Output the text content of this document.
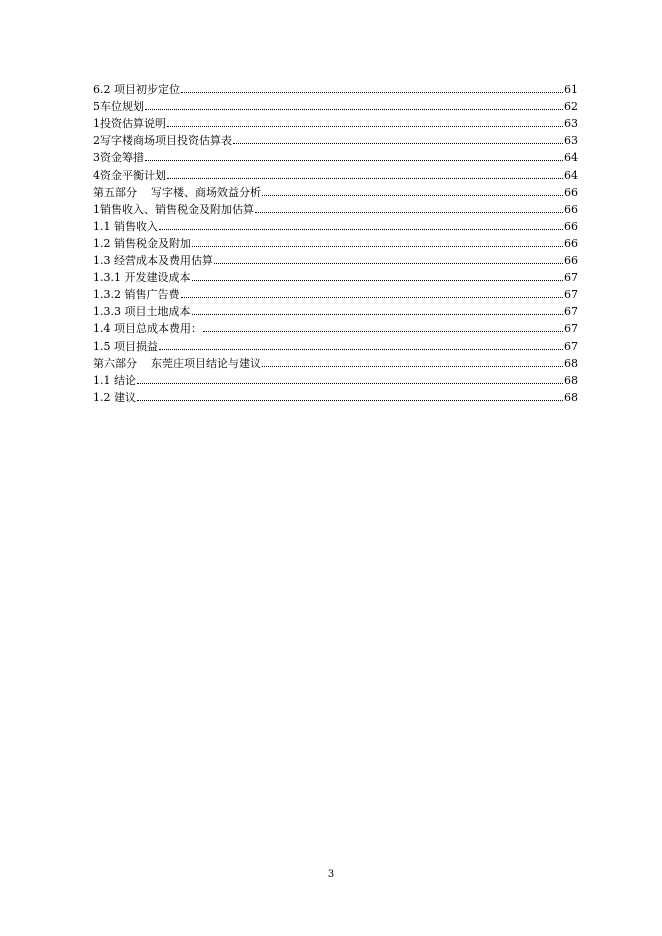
6.2 项目初步定位	61
5车位规划	62
1投资估算说明	63
2写字楼商场项目投资估算表	63
3资金筹措	64
4资金平衡计划	64
第五部分    写字楼、商场效益分析	66
1销售收入、销售税金及附加估算	66
1.1 销售收入	66
1.2 销售税金及附加	66
1.3 经营成本及费用估算	66
1.3.1 开发建设成本	67
1.3.2 销售广告费	67
1.3.3 项目土地成本	67
1.4 项目总成本费用：	67
1.5 项目损益	67
第六部分    东莞庄项目结论与建议	68
1.1 结论	68
1.2 建议	68
3
